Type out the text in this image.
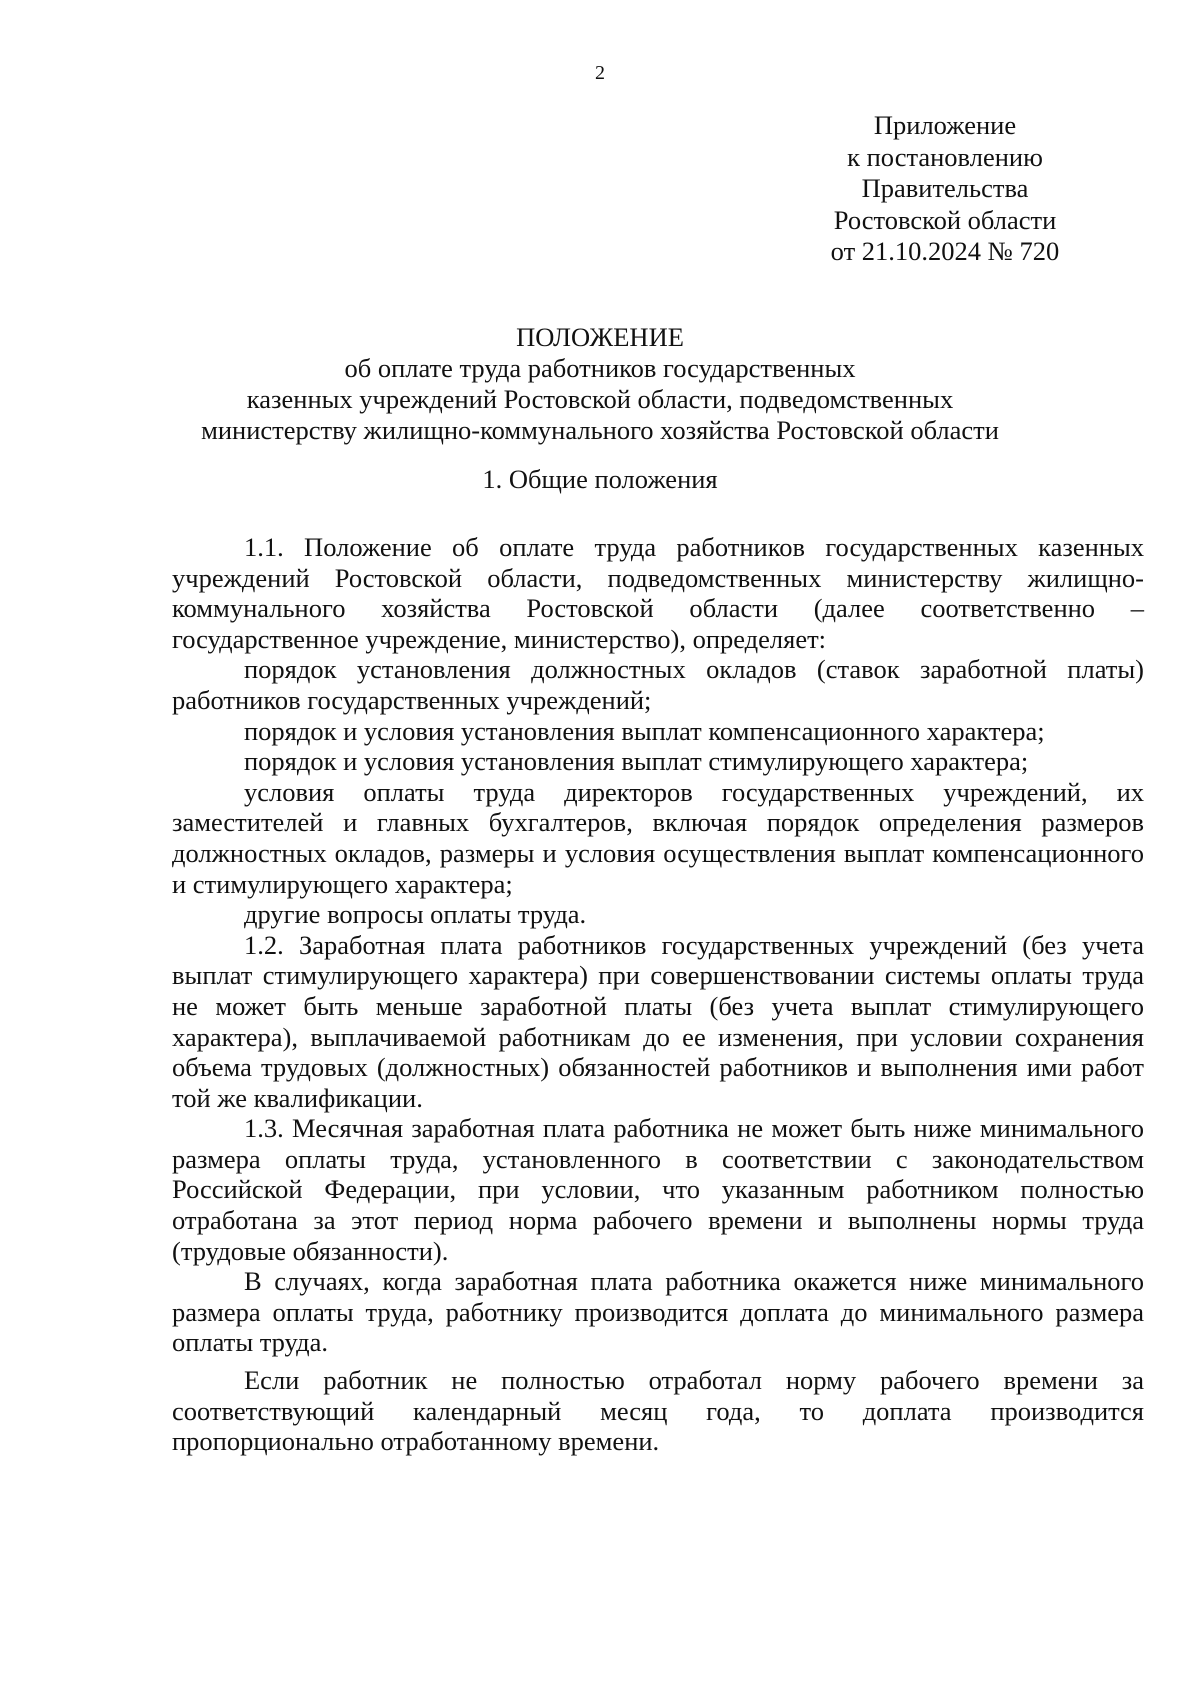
2
Приложение
к постановлению
Правительства
Ростовской области
от 21.10.2024 № 720
ПОЛОЖЕНИЕ
об оплате труда работников государственных
казенных учреждений Ростовской области, подведомственных
министерству жилищно-коммунального хозяйства Ростовской области
1. Общие положения

1.1. Положение об оплате труда работников государственных казенных учреждений Ростовской области, подведомственных министерству жилищно-коммунального хозяйства Ростовской области (далее соответственно – государственное учреждение, министерство), определяет:

порядок установления должностных окладов (ставок заработной платы) работников государственных учреждений;

порядок и условия установления выплат компенсационного характера;

порядок и условия установления выплат стимулирующего характера;

условия оплаты труда директоров государственных учреждений, их заместителей и главных бухгалтеров, включая порядок определения размеров должностных окладов, размеры и условия осуществления выплат компенсационного и стимулирующего характера;

другие вопросы оплаты труда.

1.2. Заработная плата работников государственных учреждений (без учета выплат стимулирующего характера) при совершенствовании системы оплаты труда не может быть меньше заработной платы (без учета выплат стимулирующего характера), выплачиваемой работникам до ее изменения, при условии сохранения объема трудовых (должностных) обязанностей работников и выполнения ими работ той же квалификации.

1.3. Месячная заработная плата работника не может быть ниже минимального размера оплаты труда, установленного в соответствии с законодательством Российской Федерации, при условии, что указанным работником полностью отработана за этот период норма рабочего времени и выполнены нормы труда (трудовые обязанности).

В случаях, когда заработная плата работника окажется ниже минимального размера оплаты труда, работнику производится доплата до минимального размера оплаты труда.

Если работник не полностью отработал норму рабочего времени за соответствующий календарный месяц года, то доплата производится пропорционально отработанному времени.
